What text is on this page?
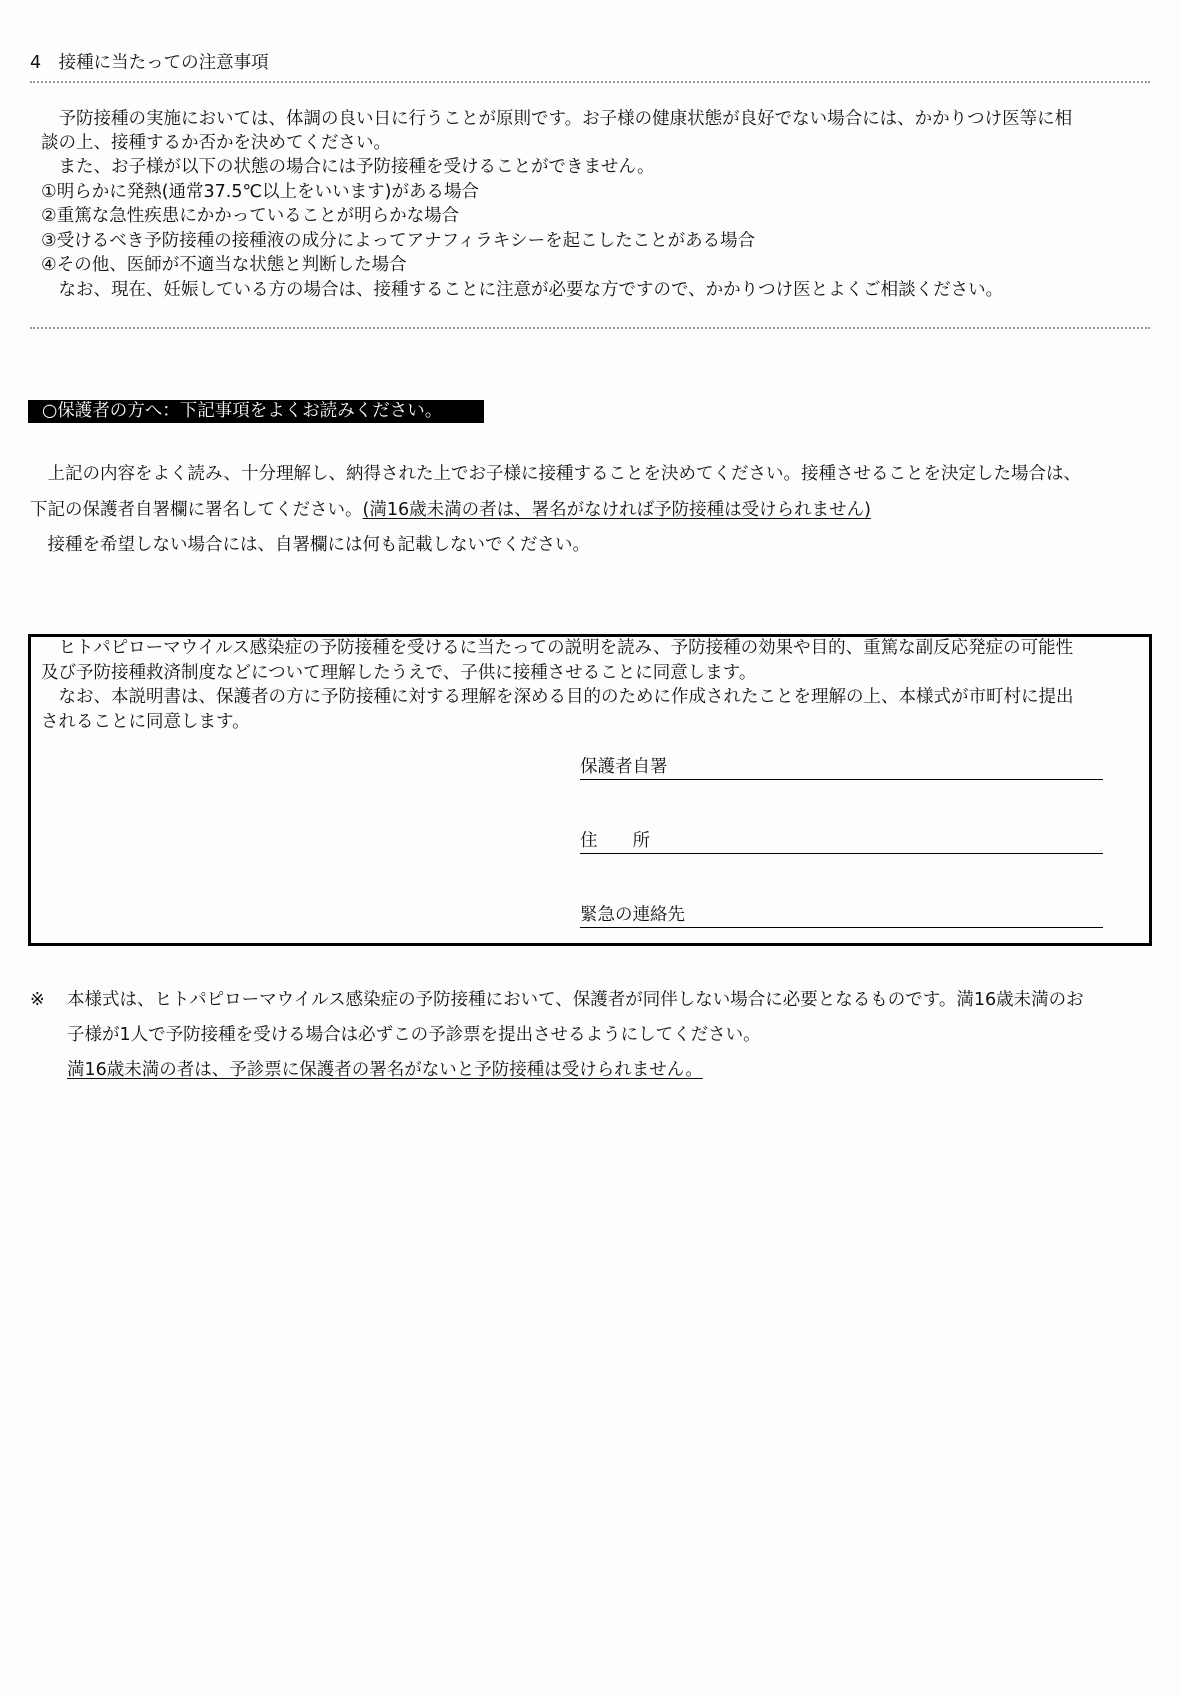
4　接種に当たっての注意事項
　予防接種の実施においては、体調の良い日に行うことが原則です。お子様の健康状態が良好でない場合には、かかりつけ医等に相
談の上、接種するか否かを決めてください。
　また、お子様が以下の状態の場合には予防接種を受けることができません。
①明らかに発熱(通常37.5℃以上をいいます)がある場合
②重篤な急性疾患にかかっていることが明らかな場合
③受けるべき予防接種の接種液の成分によってアナフィラキシーを起こしたことがある場合
④その他、医師が不適当な状態と判断した場合
　なお、現在、妊娠している方の場合は、接種することに注意が必要な方ですので、かかりつけ医とよくご相談ください。
○保護者の方へ：下記事項をよくお読みください。
　上記の内容をよく読み、十分理解し、納得された上でお子様に接種することを決めてください。接種させることを決定した場合は、
下記の保護者自署欄に署名してください。(満16歳未満の者は、署名がなければ予防接種は受けられません)
　接種を希望しない場合には、自署欄には何も記載しないでください。
　ヒトパピローマウイルス感染症の予防接種を受けるに当たっての説明を読み、予防接種の効果や目的、重篤な副反応発症の可能性
及び予防接種救済制度などについて理解したうえで、子供に接種させることに同意します。
　なお、本説明書は、保護者の方に予防接種に対する理解を深める目的のために作成されたことを理解の上、本様式が市町村に提出
されることに同意します。
保護者自署
住　　所
緊急の連絡先
※ 本様式は、ヒトパピローマウイルス感染症の予防接種において、保護者が同伴しない場合に必要となるものです。満16歳未満のお
子様が1人で予防接種を受ける場合は必ずこの予診票を提出させるようにしてください。
満16歳未満の者は、予診票に保護者の署名がないと予防接種は受けられません。
